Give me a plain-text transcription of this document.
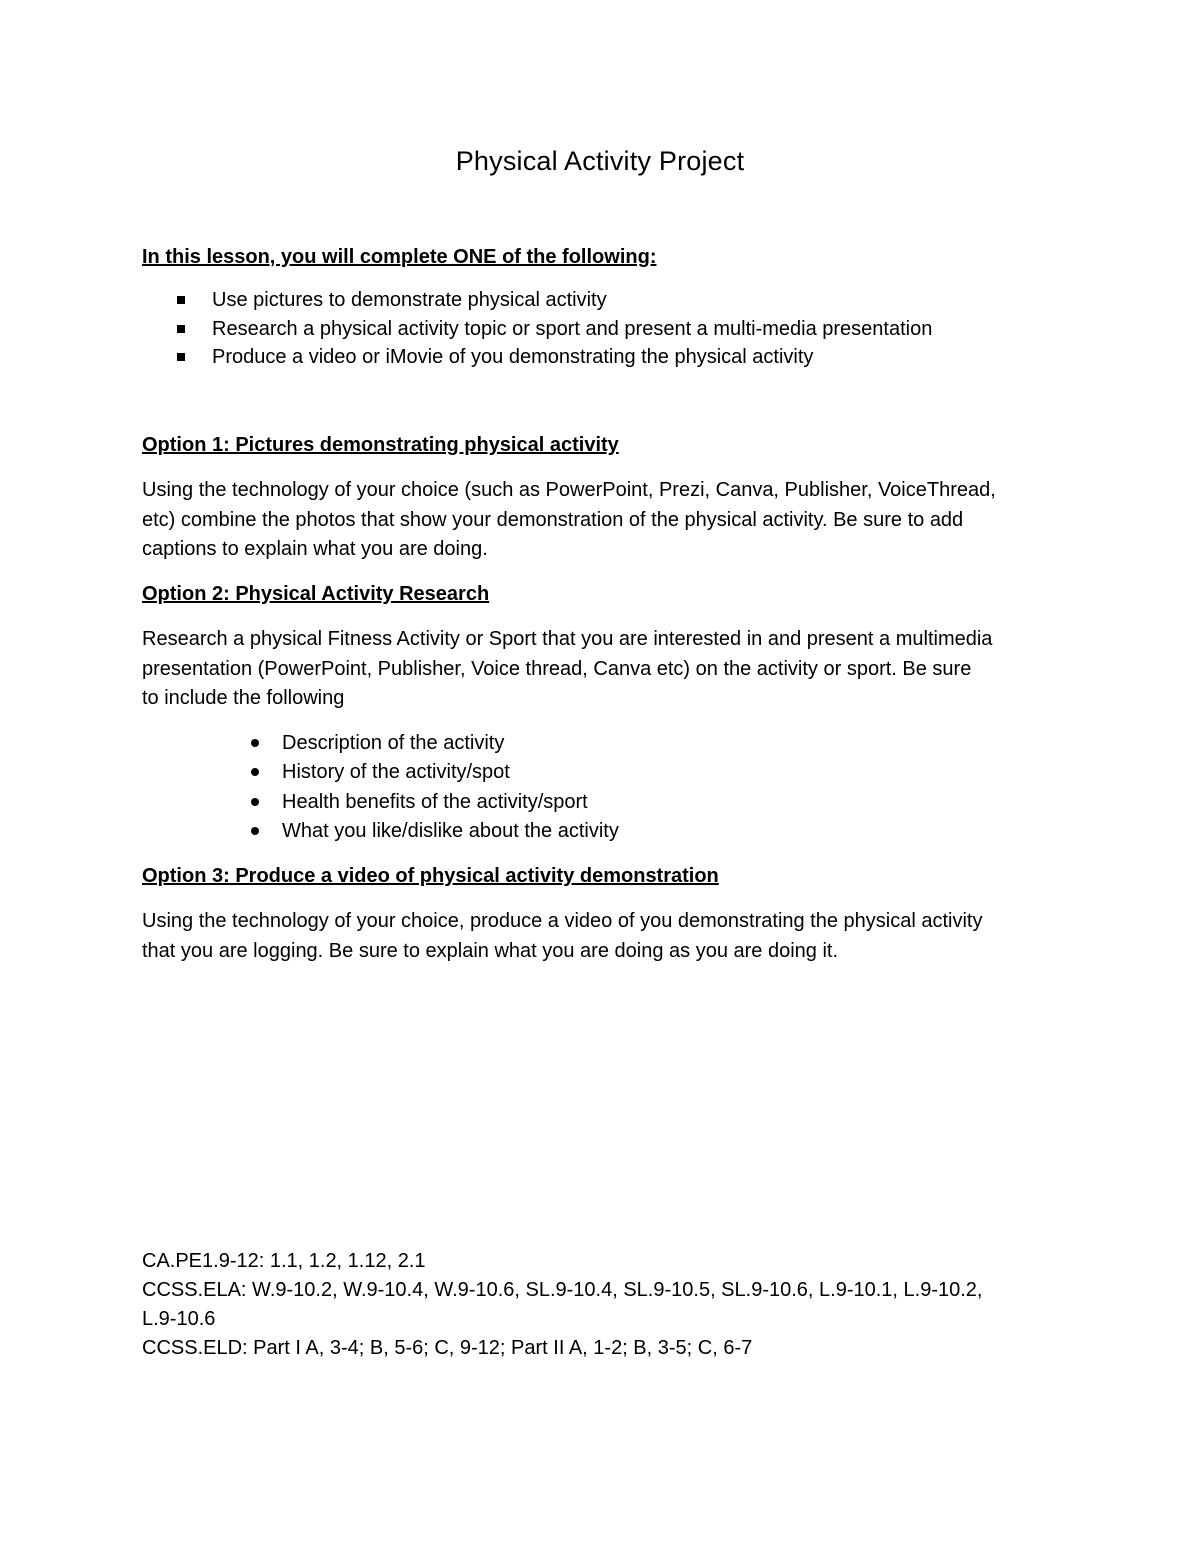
Physical Activity Project

In this lesson, you will complete ONE of the following:

Use pictures to demonstrate physical activity
Research a physical activity topic or sport and present a multi-media presentation
Produce a video or iMovie of you demonstrating the physical activity

Option 1: Pictures demonstrating physical activity

Using the technology of your choice (such as PowerPoint, Prezi, Canva, Publisher, VoiceThread,

etc) combine the photos that show your demonstration of the physical activity. Be sure to add

captions to explain what you are doing.

Option 2: Physical Activity Research

Research a physical Fitness Activity or Sport that you are interested in and present a multimedia

presentation (PowerPoint, Publisher, Voice thread, Canva etc) on the activity or sport. Be sure

to include the following

Description of the activity
History of the activity/spot
Health benefits of the activity/sport
What you like/dislike about the activity

Option 3: Produce a video of physical activity demonstration

Using the technology of your choice, produce a video of you demonstrating the physical activity

that you are logging. Be sure to explain what you are doing as you are doing it.

CA.PE1.9-12: 1.1, 1.2, 1.12, 2.1

CCSS.ELA: W.9-10.2, W.9-10.4, W.9-10.6, SL.9-10.4, SL.9-10.5, SL.9-10.6, L.9-10.1, L.9-10.2,

L.9-10.6

CCSS.ELD: Part I A, 3-4; B, 5-6; C, 9-12; Part II A, 1-2; B, 3-5; C, 6-7
